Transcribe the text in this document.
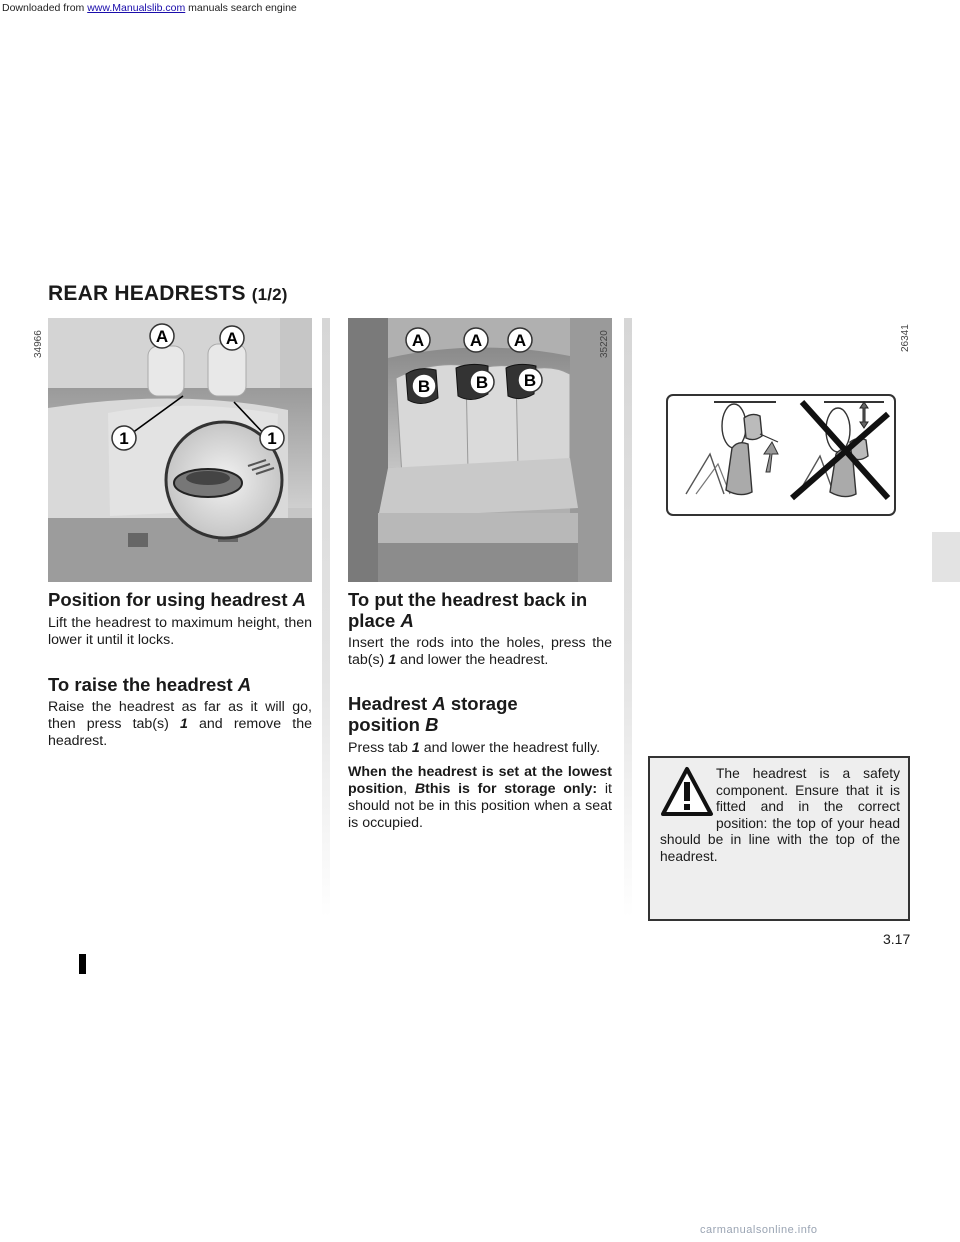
Downloaded from www.Manualslib.com manuals search engine
REAR HEADRESTS (1/2)
A	A
1	1
34966	A	A A
B	B B
35220	26341
Position for using headrest A
Lift the headrest to maximum height, then lower it until it locks.
To raise the headrest A
Raise the headrest as far as it will go, then press tab(s) 1 and remove the headrest.
To put the headrest back in
place A
Insert the rods into the holes, press the tab(s) 1 and lower the headrest.
Headrest A storage
position B
Press tab 1 and lower the headrest fully.
When the headrest is set at the lowest position, Bthis is for storage only: it should not be in this position when a seat is occupied.
The headrest is a safety component. Ensure that it is fitted and in the correct position: the top of your head should be in line with the top of the headrest.
3.17
carmanualsonline.info
